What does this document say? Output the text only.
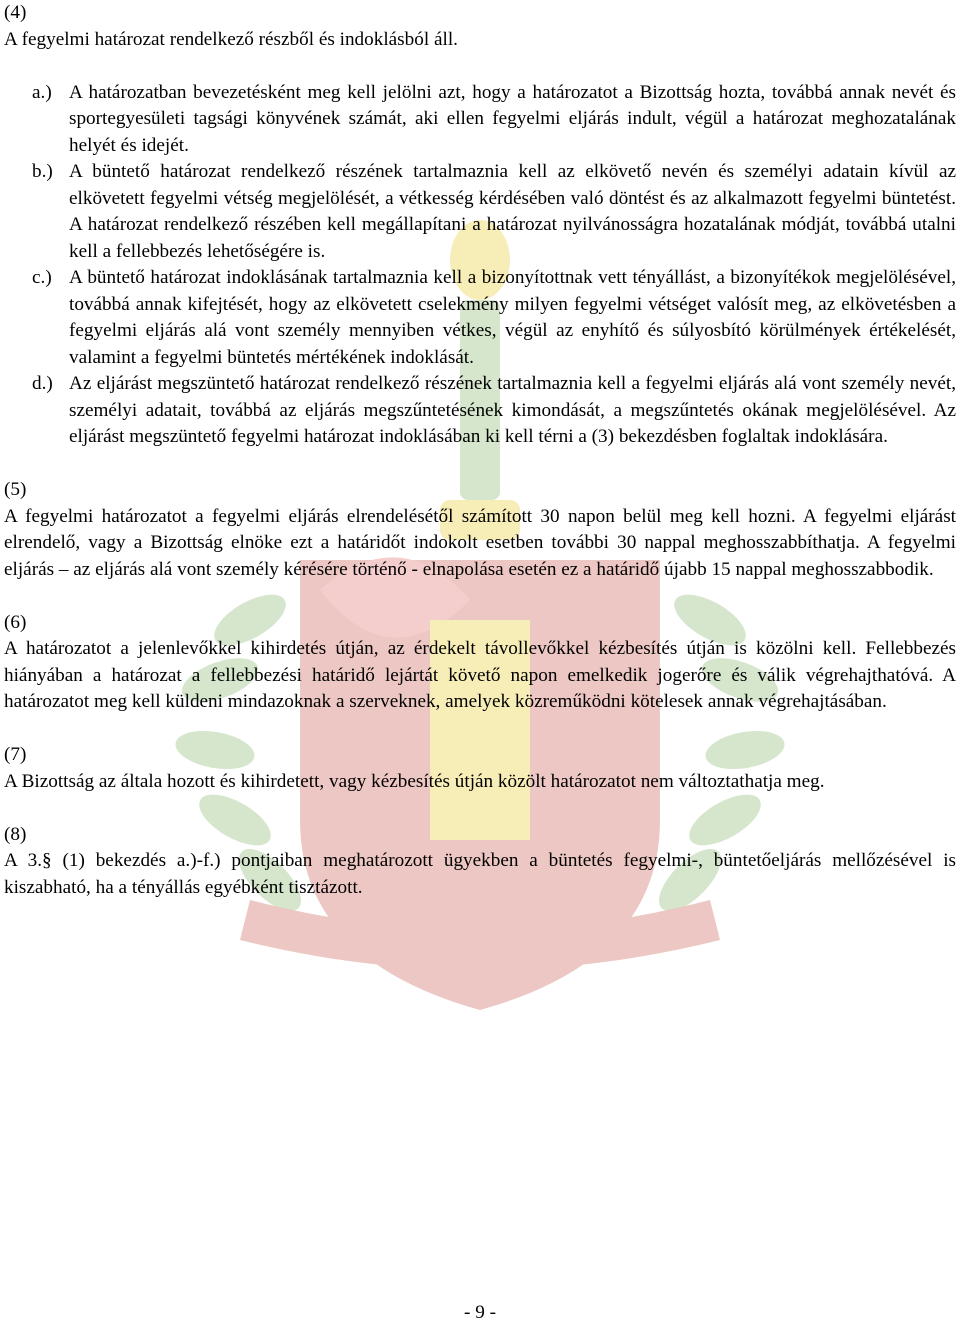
(4)

A fegyelmi határozat rendelkező részből és indoklásból áll.

a.) A határozatban bevezetésként meg kell jelölni azt, hogy a határozatot a Bizottság hozta, továbbá annak nevét és sportegyesületi tagsági könyvének számát, aki ellen fegyelmi eljárás indult, végül a határozat meghozatalának helyét és idejét.
b.) A büntető határozat rendelkező részének tartalmaznia kell az elkövető nevén és személyi adatain kívül az elkövetett fegyelmi vétség megjelölését, a vétkesség kérdésében való döntést és az alkalmazott fegyelmi büntetést. A határozat rendelkező részében kell megállapítani a határozat nyilvánosságra hozatalának módját, továbbá utalni kell a fellebbezés lehetőségére is.
c.) A büntető határozat indoklásának tartalmaznia kell a bizonyítottnak vett tényállást, a bizonyítékok megjelölésével, továbbá annak kifejtését, hogy az elkövetett cselekmény milyen fegyelmi vétséget valósít meg, az elkövetésben a fegyelmi eljárás alá vont személy mennyiben vétkes, végül az enyhítő és súlyosbító körülmények értékelését, valamint a fegyelmi büntetés mértékének indoklását.
d.) Az eljárást megszüntető határozat rendelkező részének tartalmaznia kell a fegyelmi eljárás alá vont személy nevét, személyi adatait, továbbá az eljárás megszűntetésének kimondását, a megszűntetés okának megjelölésével. Az eljárást megszüntető fegyelmi határozat indoklásában ki kell térni a (3) bekezdésben foglaltak indoklására.

(5)

A fegyelmi határozatot a fegyelmi eljárás elrendelésétől számított 30 napon belül meg kell hozni. A fegyelmi eljárást elrendelő, vagy a Bizottság elnöke ezt a határidőt indokolt esetben további 30 nappal meghosszabbíthatja. A fegyelmi eljárás – az eljárás alá vont személy kérésére történő - elnapolása esetén ez a határidő újabb 15 nappal meghosszabbodik.

(6)

A határozatot a jelenlevőkkel kihirdetés útján, az érdekelt távollevőkkel kézbesítés útján is közölni kell. Fellebbezés hiányában a határozat a fellebbezési határidő lejártát követő napon emelkedik jogerőre és válik végrehajthatóvá. A határozatot meg kell küldeni mindazoknak a szerveknek, amelyek közreműködni kötelesek annak végrehajtásában.

(7)

A Bizottság az általa hozott és kihirdetett, vagy kézbesítés útján közölt határozatot nem változtathatja meg.

(8)

A 3.§ (1) bekezdés a.)-f.) pontjaiban meghatározott ügyekben a büntetés fegyelmi-, büntetőeljárás mellőzésével is kiszabható, ha a tényállás egyébként tisztázott.

- 9 -
